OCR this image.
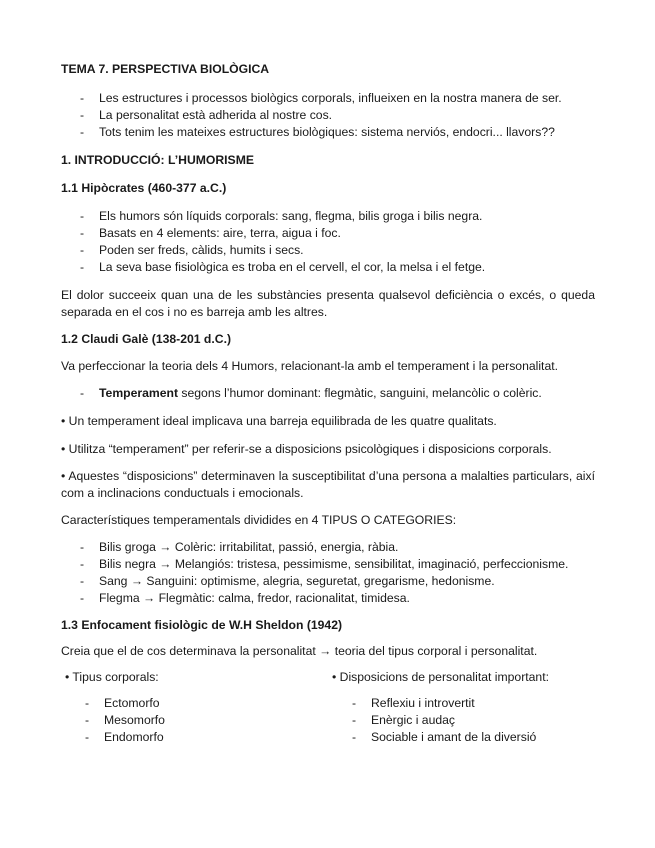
TEMA 7. PERSPECTIVA BIOLÒGICA

- Les estructures i processos biològics corporals, influeixen en la nostra manera de ser.
- La personalitat està adherida al nostre cos.
- Tots tenim les mateixes estructures biològiques: sistema nerviós, endocri... llavors??

1. INTRODUCCIÓ: L’HUMORISME

1.1 Hipòcrates (460-377 a.C.)

- Els humors són líquids corporals: sang, flegma, bilis groga i bilis negra.
- Basats en 4 elements: aire, terra, aigua i foc.
- Poden ser freds, càlids, humits i secs.
- La seva base fisiològica es troba en el cervell, el cor, la melsa i el fetge.

El dolor succeeix quan una de les substàncies presenta qualsevol deficiència o excés, o queda separada en el cos i no es barreja amb les altres.

1.2 Claudi Galè (138-201 d.C.)

Va perfeccionar la teoria dels 4 Humors, relacionant-la amb el temperament i la personalitat.

- Temperament segons l’humor dominant: flegmàtic, sanguini, melancòlic o colèric.

• Un temperament ideal implicava una barreja equilibrada de les quatre qualitats.

• Utilitza “temperament” per referir-se a disposicions psicològiques i disposicions corporals.

• Aquestes “disposicions” determinaven la susceptibilitat d’una persona a malalties particulars, així com a inclinacions conductuals i emocionals.

Característiques temperamentals dividides en 4 TIPUS O CATEGORIES:

- Bilis groga → Colèric: irritabilitat, passió, energia, ràbia.
- Bilis negra → Melangiós: tristesa, pessimisme, sensibilitat, imaginació, perfeccionisme.
- Sang → Sanguini: optimisme, alegria, seguretat, gregarisme, hedonisme.
- Flegma → Flegmàtic: calma, fredor, racionalitat, timidesa.

1.3 Enfocament fisiològic de W.H Sheldon (1942)

Creia que el de cos determinava la personalitat → teoria del tipus corporal i personalitat.

• Tipus corporals:

- Ectomorfo
- Mesomorfo
- Endomorfo

• Disposicions de personalitat important:

- Reflexiu i introvertit
- Enèrgic i audaç
- Sociable i amant de la diversió
